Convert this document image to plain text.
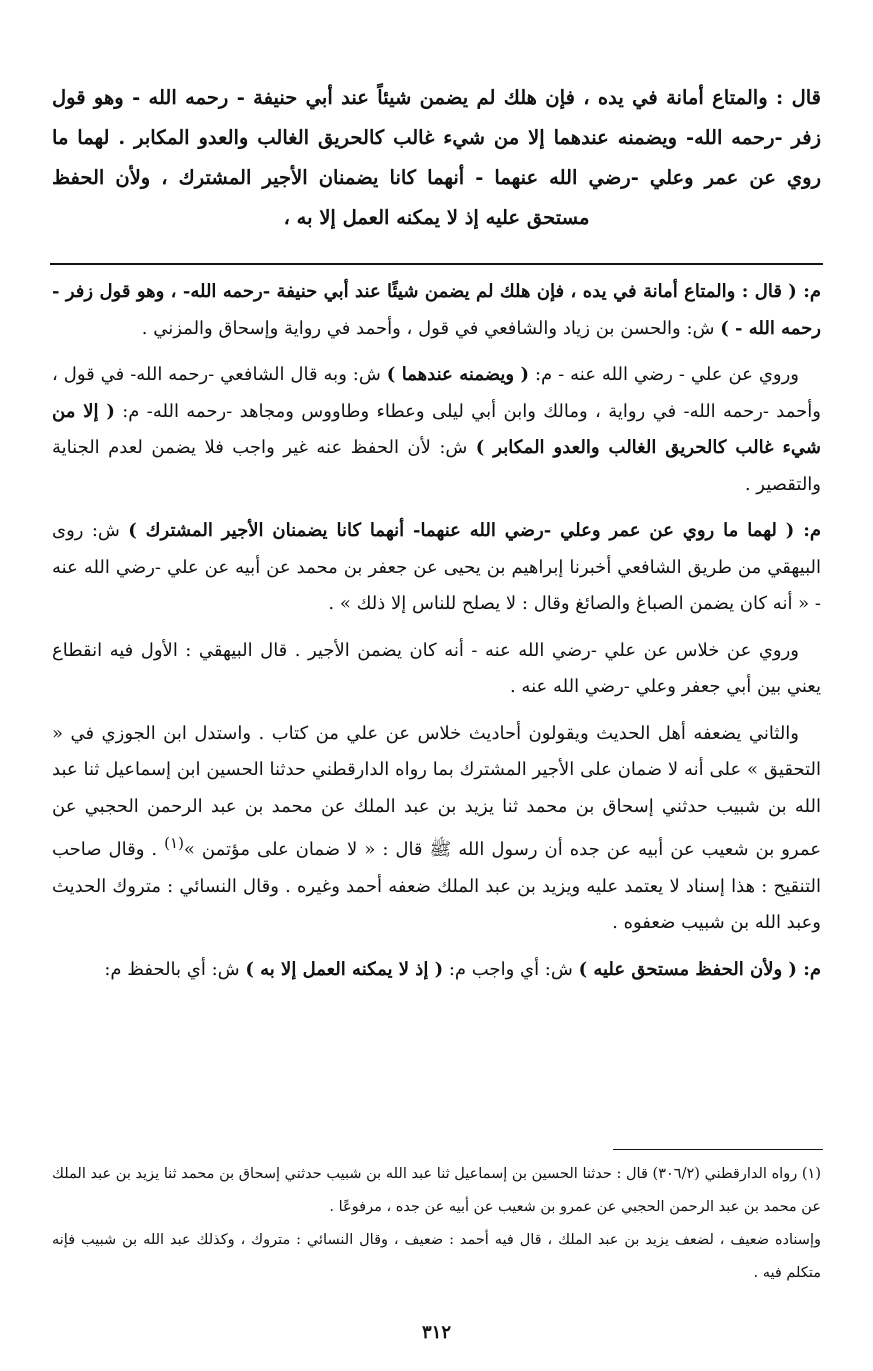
قال : والمتاع أمانة في يده ، فإن هلك لم يضمن شيئاً عند أبي حنيفة - رحمه الله - وهو قول زفر -رحمه الله- ويضمنه عندهما إلا من شيء غالب كالحريق الغالب والعدو المكابر . لهما ما روي عن عمر وعلي -رضي الله عنهما - أنهما كانا يضمنان الأجير المشترك ، ولأن الحفظ مستحق عليه إذ لا يمكنه العمل إلا به ،

م: ( قال : والمتاع أمانة في يده ، فإن هلك لم يضمن شيئًا عند أبي حنيفة -رحمه الله- ، وهو قول زفر - رحمه الله - ) ش: والحسن بن زياد والشافعي في قول ، وأحمد في رواية وإسحاق والمزني .

وروي عن علي - رضي الله عنه - م: ( ويضمنه عندهما ) ش: وبه قال الشافعي -رحمه الله- في قول ، وأحمد -رحمه الله- في رواية ، ومالك وابن أبي ليلى وعطاء وطاووس ومجاهد -رحمه الله- م: ( إلا من شيء غالب كالحريق الغالب والعدو المكابر ) ش: لأن الحفظ عنه غير واجب فلا يضمن لعدم الجناية والتقصير .

م: ( لهما ما روي عن عمر وعلي -رضي الله عنهما- أنهما كانا يضمنان الأجير المشترك ) ش: روى البيهقي من طريق الشافعي أخبرنا إبراهيم بن يحيى عن جعفر بن محمد عن أبيه عن علي -رضي الله عنه - « أنه كان يضمن الصباغ والصائغ وقال : لا يصلح للناس إلا ذلك » .

وروي عن خلاس عن علي -رضي الله عنه - أنه كان يضمن الأجير . قال البيهقي : الأول فيه انقطاع يعني بين أبي جعفر وعلي -رضي الله عنه .

والثاني يضعفه أهل الحديث ويقولون أحاديث خلاس عن علي من كتاب . واستدل ابن الجوزي في « التحقيق » على أنه لا ضمان على الأجير المشترك بما رواه الدارقطني حدثنا الحسين ابن إسماعيل ثنا عبد الله بن شبيب حدثني إسحاق بن محمد ثنا يزيد بن عبد الملك عن محمد بن عبد الرحمن الحجبي عن عمرو بن شعيب عن أبيه عن جده أن رسول الله ﷺ قال : « لا ضمان على مؤتمن »$^{(١)}$ . وقال صاحب التنقيح : هذا إسناد لا يعتمد عليه ويزيد بن عبد الملك ضعفه أحمد وغيره . وقال النسائي : متروك الحديث وعبد الله بن شبيب ضعفوه .

م: ( ولأن الحفظ مستحق عليه ) ش: أي واجب م: ( إذ لا يمكنه العمل إلا به ) ش: أي بالحفظ م:

(١) رواه الدارقطني (٣٠٦/٢) قال : حدثنا الحسين بن إسماعيل ثنا عبد الله بن شبيب حدثني إسحاق بن محمد ثنا يزيد بن عبد الملك عن محمد بن عبد الرحمن الحجبي عن عمرو بن شعيب عن أبيه عن جده ، مرفوعًا .

وإسناده ضعيف ، لضعف يزيد بن عبد الملك ، قال فيه أحمد : ضعيف ، وقال النسائي : متروك ، وكذلك عبد الله بن شبيب فإنه متكلم فيه .

٣١٢
